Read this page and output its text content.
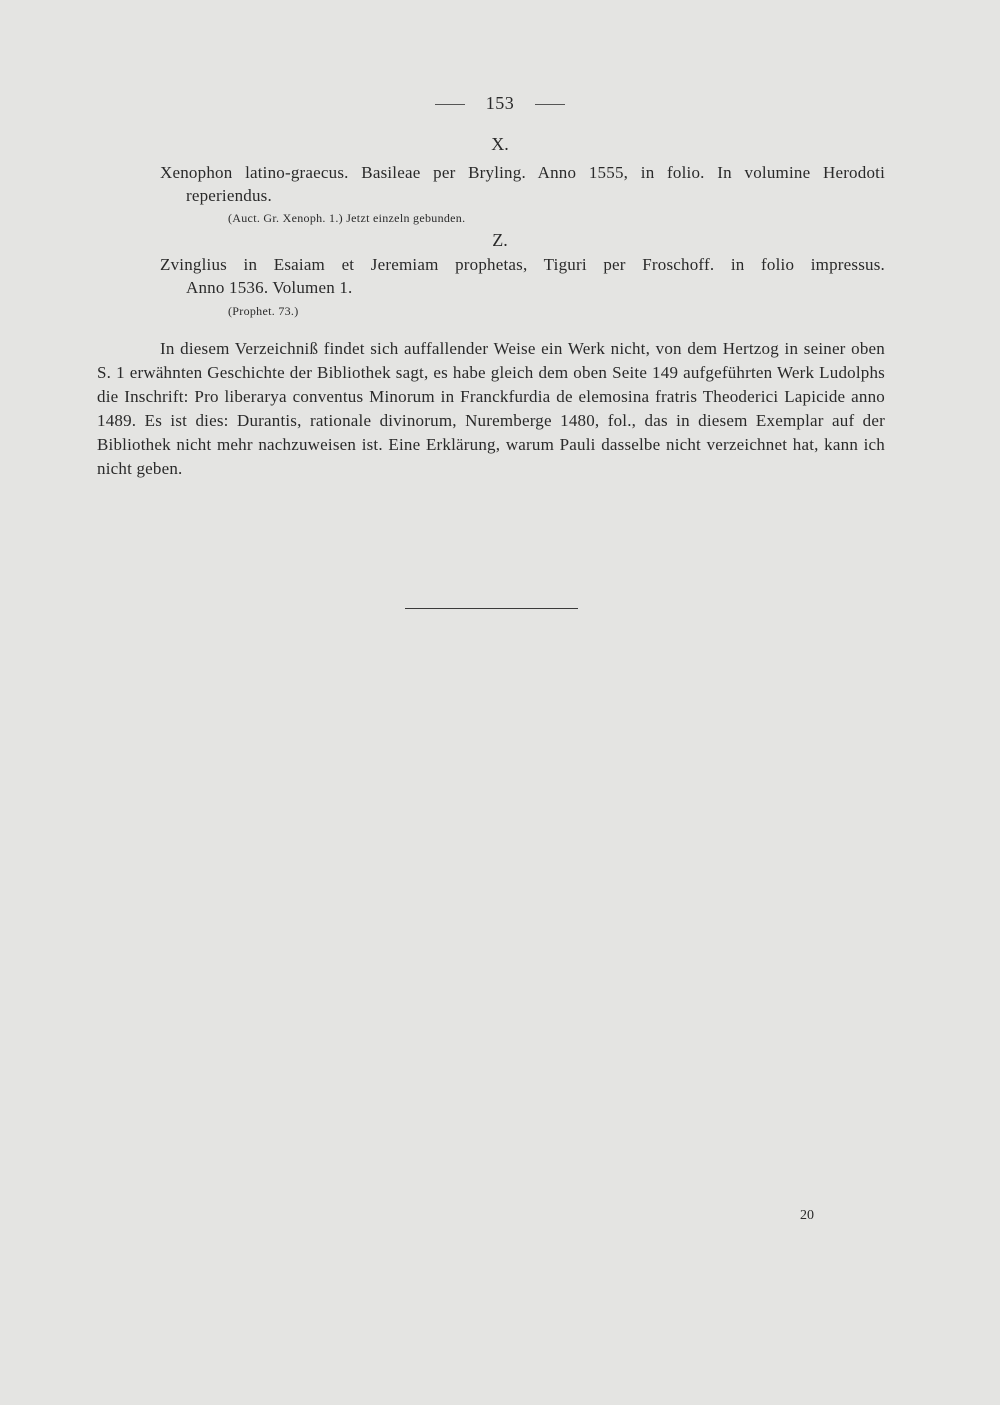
153
X.
Xenophon latino-graecus. Basileae per Bryling. Anno 1555, in folio. In volumine Herodoti
reperiendus.
(Auct. Gr. Xenoph. 1.) Jetzt einzeln gebunden.
Z.
Zvinglius in Esaiam et Jeremiam prophetas, Tiguri per Froschoff. in folio impressus.
Anno 1536. Volumen 1.
(Prophet. 73.)
In diesem Verzeichniß findet sich auffallender Weise ein Werk nicht, von dem Hertzog in seiner oben S. 1 erwähnten Geschichte der Bibliothek sagt, es habe gleich dem oben Seite 149 aufgeführten Werk Ludolphs die Inschrift: Pro liberarya conventus Minorum in Franckfurdia de elemosina fratris Theoderici Lapicide anno 1489. Es ist dies: Durantis, rationale divinorum, Nuremberge 1480, fol., das in diesem Exemplar auf der Bibliothek nicht mehr nachzuweisen ist. Eine Erklärung, warum Pauli dasselbe nicht verzeichnet hat, kann ich nicht geben.
20
